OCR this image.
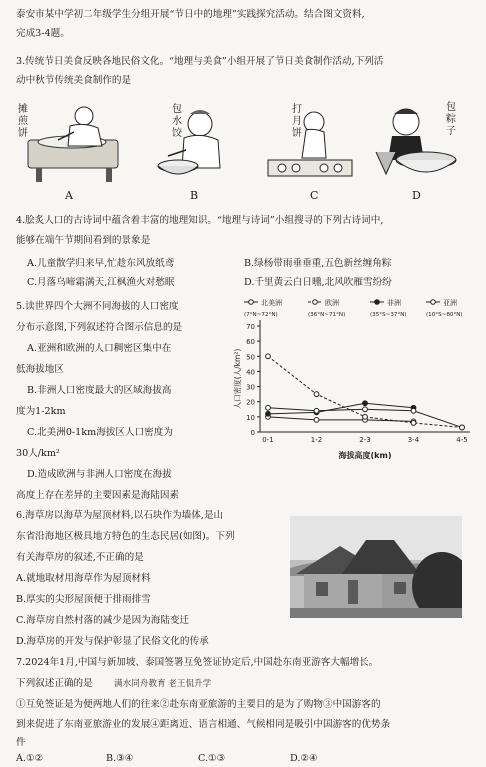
泰安市某中学初二年级学生分组开展“节日中的地理”实践探究活动。结合图文资料,
完成3-4题。
3.传统节日美食反映各地民俗文化。“地理与美食”小组开展了节日美食制作活动,下列活
动中秋节传统美食制作的是
摊煎饼
A
包水饺
B
打月饼
C
包粽子
D
4.脍炙人口的古诗词中蕴含着丰富的地理知识。“地理与诗词”小组搜寻的下列古诗词中,
能够在端午节期间看到的景象是
A.儿童散学归来早,忙趁东风放纸鸢	B.绿杨带雨垂垂重,五色新丝缠角粽
C.月落乌啼霜满天,江枫渔火对愁眠	D.千里黄云白日曛,北风吹雁雪纷纷
5.读世界四个大洲不同海拔的人口密度
分布示意图,下列叙述符合图示信息的是
A.亚洲和欧洲的人口稠密区集中在
低海拔地区
B.非洲人口密度最大的区域海拔高
度为1-2km
C.北美洲0-1km海拔区人口密度为
30人/km²
D.造成欧洲与非洲人口密度在海拔
高度上存在差异的主要因素是海陆因素
0
10
20
30
40
50
60
70
0-1	1-2	2-3	3-4	4-5
海拔高度(km)
人口密度(人/km²)
北美洲
(7°N~72°N)
欧洲
(36°N~71°N)
非洲
(35°S~37°N)
亚洲
(10°S~80°N)
6.海草房以海草为屋顶材料,以石块作为墙体,是山
东省沿海地区极具地方特色的生态民居(如图)。下列
有关海草房的叙述,不正确的是
A.就地取材用海草作为屋顶材料
B.厚实的尖形屋顶便于排雨排雪
C.海草房自然村落的减少是因为海陆变迁
D.海草房的开发与保护彰显了民俗文化的传承
7.2024年1月,中国与新加坡、泰国签署互免签证协定后,中国赴东南亚游客大幅增长。
下列叙述正确的是 满水同舟教育 老王侃升学
①互免签证是为便两地人们的往来②赴东南亚旅游的主要目的是为了购物③中国游客的
到来促进了东南亚旅游业的发展④距离近、语言相通、气候相同是吸引中国游客的优势条
件
A.①②	B.③④	C.①③	D.②④
